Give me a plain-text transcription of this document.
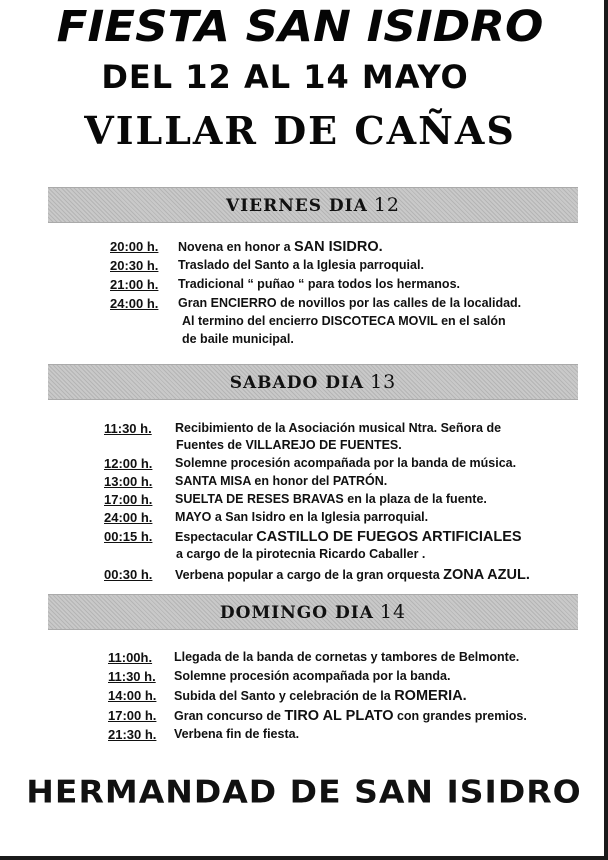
FIESTA SAN ISIDRO
DEL 12 AL 14 MAYO
VILLAR DE CAÑAS
VIERNES DIA 12
20:00 h. Novena en honor a SAN ISIDRO.
20:30 h. Traslado del Santo a la Iglesia parroquial.
21:00 h. Tradicional “ puñao “ para todos los hermanos.
24:00 h. Gran ENCIERRO de novillos por las calles de la localidad.
Al termino del encierro DISCOTECA MOVIL en el salón
de baile municipal.
SABADO DIA 13
11:30 h. Recibimiento de la Asociación musical Ntra. Señora de
Fuentes de VILLAREJO DE FUENTES.
12:00 h. Solemne procesión acompañada por la banda de música.
13:00 h. SANTA MISA en honor del PATRÓN.
17:00 h. SUELTA DE RESES BRAVAS en la plaza de la fuente.
24:00 h. MAYO a San Isidro en la Iglesia parroquial.
00:15 h. Espectacular CASTILLO DE FUEGOS ARTIFICIALES
a cargo de la pirotecnia Ricardo Caballer .
00:30 h. Verbena popular a cargo de la gran orquesta ZONA AZUL.
DOMINGO DIA 14
11:00h. Llegada de la banda de cornetas y tambores de Belmonte.
11:30 h. Solemne procesión acompañada por la banda.
14:00 h. Subida del Santo y celebración de la ROMERIA.
17:00 h. Gran concurso de TIRO AL PLATO con grandes premios.
21:30 h. Verbena fin de fiesta.
HERMANDAD DE SAN ISIDRO
